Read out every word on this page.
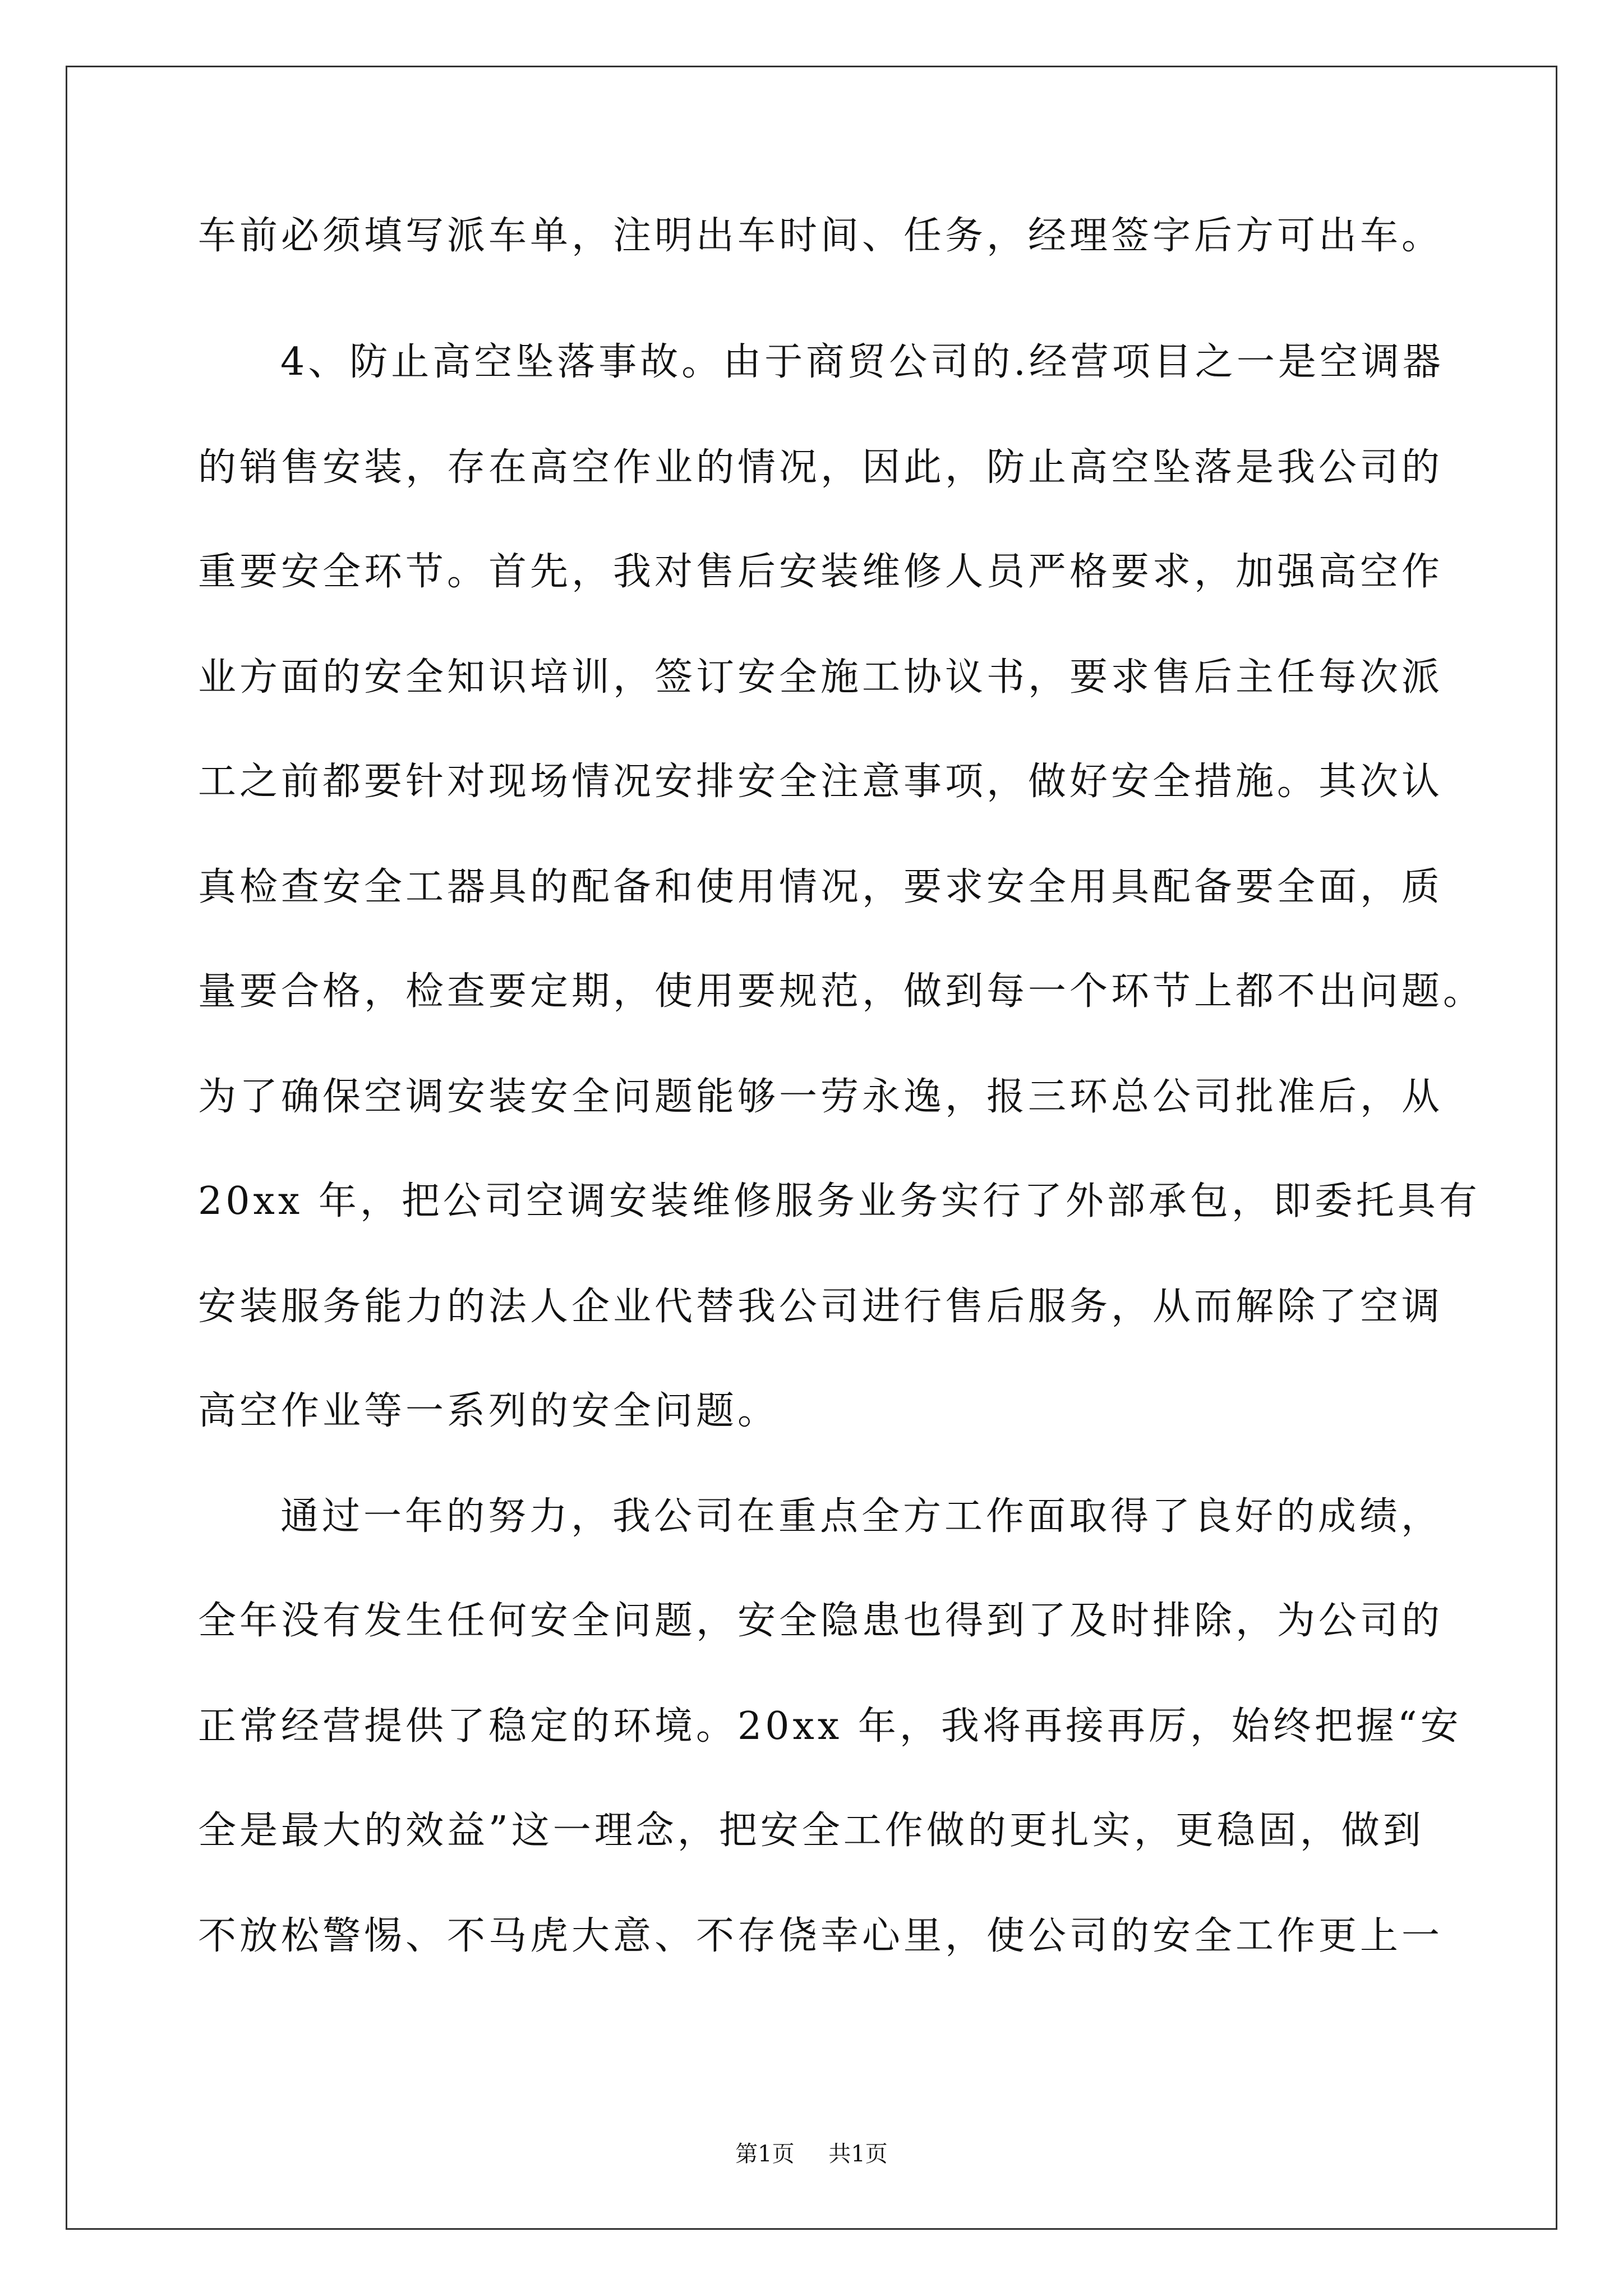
车前必须填写派车单，注明出车时间、任务，经理签字后方可出车。
4、防止高空坠落事故。由于商贸公司的.经营项目之一是空调器
的销售安装，存在高空作业的情况，因此，防止高空坠落是我公司的
重要安全环节。首先，我对售后安装维修人员严格要求，加强高空作
业方面的安全知识培训，签订安全施工协议书，要求售后主任每次派
工之前都要针对现场情况安排安全注意事项，做好安全措施。其次认
真检查安全工器具的配备和使用情况，要求安全用具配备要全面，质
量要合格，检查要定期，使用要规范，做到每一个环节上都不出问题。
为了确保空调安装安全问题能够一劳永逸，报三环总公司批准后，从
20xx 年，把公司空调安装维修服务业务实行了外部承包，即委托具有
安装服务能力的法人企业代替我公司进行售后服务，从而解除了空调
高空作业等一系列的安全问题。
通过一年的努力，我公司在重点全方工作面取得了良好的成绩，
全年没有发生任何安全问题，安全隐患也得到了及时排除，为公司的
正常经营提供了稳定的环境。20xx 年，我将再接再厉，始终把握“安
全是最大的效益”这一理念，把安全工作做的更扎实，更稳固，做到
不放松警惕、不马虎大意、不存侥幸心里，使公司的安全工作更上一
第1页 共1页
